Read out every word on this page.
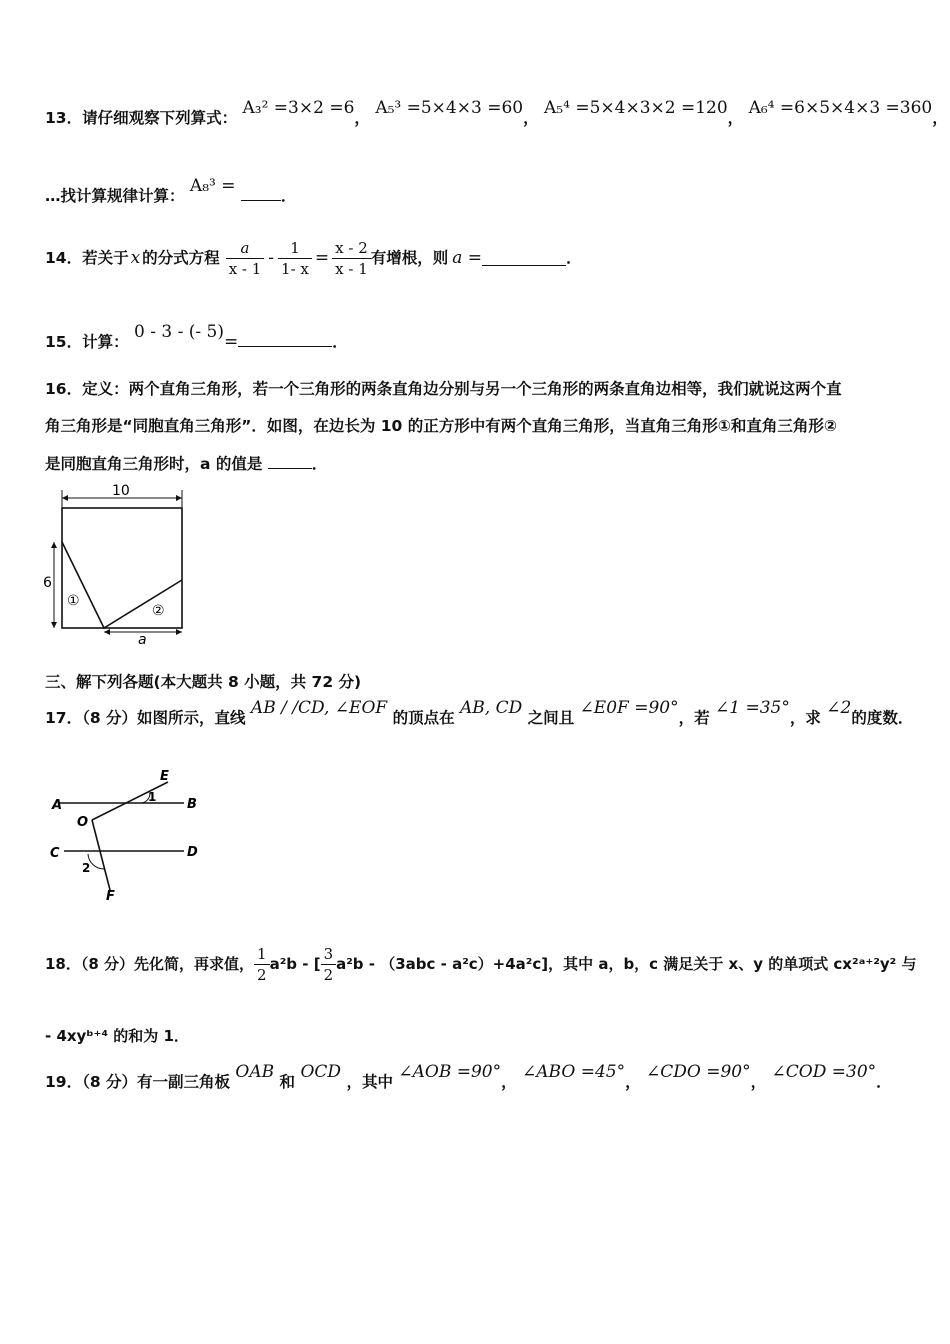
13．请仔细观察下列算式： A₃² =3×2 =6， A₅³ =5×4×3 =60， A₅⁴ =5×4×3×2 =120， A₆⁴ =6×5×4×3 =360，
…找计算规律计算： A₈³ =	．
14．若关于 x 的分式方程 $\frac{a}{x - 1} - \frac{1}{1- x} = \frac{x - 2}{x - 1}$ 有增根，则 a =	．
15．计算： 0 - 3 - (- 5)=	．
16．定义：两个直角三角形，若一个三角形的两条直角边分别与另一个三角形的两条直角边相等，我们就说这两个直
角三角形是“同胞直角三角形”．如图，在边长为 10 的正方形中有两个直角三角形，当直角三角形①和直角三角形②
是同胞直角三角形时，a 的值是	．
10
6
①
②
a
三、解下列各题(本大题共 8 小题，共 72 分)
17．（8 分）如图所示，直线 AB / /CD, ∠EOF 的顶点在 AB, CD 之间且 ∠E0F =90°，若 ∠1 =35°，求 ∠2的度数．
A	B
C	D
E
F
O
1
2
18．（8 分）先化简，再求值， $\frac{1}{2} a^2b$ - [ $\frac{3}{2} a^2b - (3abc - a^2c)+4a^2c$]，其中 a，b，c 满足关于 x、y 的单项式 cx²ᵃ⁺²y² 与
- 4xyᵇ⁺⁴ 的和为 1．
19．（8 分）有一副三角板 OAB 和 OCD ，其中 ∠AOB =90°， ∠ABO =45°， ∠CDO =90°， ∠COD =30°．
